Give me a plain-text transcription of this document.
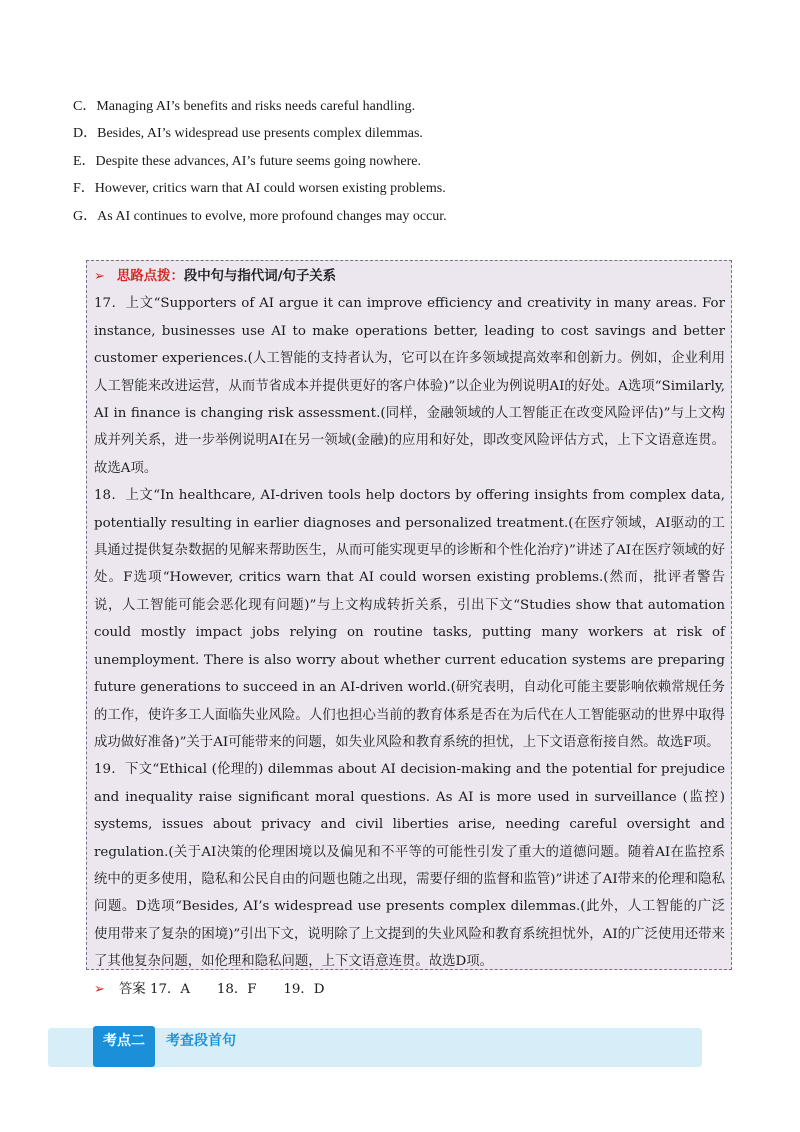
C．Managing AI’s benefits and risks needs careful handling.
D．Besides, AI’s widespread use presents complex dilemmas.
E．Despite these advances, AI’s future seems going nowhere.
F．However, critics warn that AI could worsen existing problems.
G．As AI continues to evolve, more profound changes may occur.
➢ 思路点拨：段中句与指代词/句子关系

17．上文“Supporters of AI argue it can improve efficiency and creativity in many areas. For instance, businesses use AI to make operations better, leading to cost savings and better customer experiences.(人工智能的支持者认为，它可以在许多领域提高效率和创新力。例如，企业利用人工智能来改进运营，从而节省成本并提供更好的客户体验)”以企业为例说明AI的好处。A选项“Similarly, AI in finance is changing risk assessment.(同样，金融领域的人工智能正在改变风险评估)”与上文构成并列关系，进一步举例说明AI在另一领域(金融)的应用和好处，即改变风险评估方式，上下文语意连贯。故选A项。

18．上文“In healthcare, AI-driven tools help doctors by offering insights from complex data, potentially resulting in earlier diagnoses and personalized treatment.(在医疗领域，AI驱动的工具通过提供复杂数据的见解来帮助医生，从而可能实现更早的诊断和个性化治疗)”讲述了AI在医疗领域的好处。F选项“However, critics warn that AI could worsen existing problems.(然而，批评者警告说，人工智能可能会恶化现有问题)”与上文构成转折关系，引出下文“Studies show that automation could mostly impact jobs relying on routine tasks, putting many workers at risk of unemployment. There is also worry about whether current education systems are preparing future generations to succeed in an AI-driven world.(研究表明，自动化可能主要影响依赖常规任务的工作，使许多工人面临失业风险。人们也担心当前的教育体系是否在为后代在人工智能驱动的世界中取得成功做好准备)”关于AI可能带来的问题，如失业风险和教育系统的担忧，上下文语意衔接自然。故选F项。

19．下文“Ethical (伦理的) dilemmas about AI decision-making and the potential for prejudice and inequality raise significant moral questions. As AI is more used in surveillance (监控) systems, issues about privacy and civil liberties arise, needing careful oversight and regulation.(关于AI决策的伦理困境以及偏见和不平等的可能性引发了重大的道德问题。随着AI在监控系统中的更多使用，隐私和公民自由的问题也随之出现，需要仔细的监督和监管)”讲述了AI带来的伦理和隐私问题。D选项“Besides, AI’s widespread use presents complex dilemmas.(此外，人工智能的广泛使用带来了复杂的困境)”引出下文，说明除了上文提到的失业风险和教育系统担忧外，AI的广泛使用还带来了其他复杂问题，如伦理和隐私问题，上下文语意连贯。故选D项。

➢ 答案 17．A　　18．F　　19．D
考点二	考查段首句
